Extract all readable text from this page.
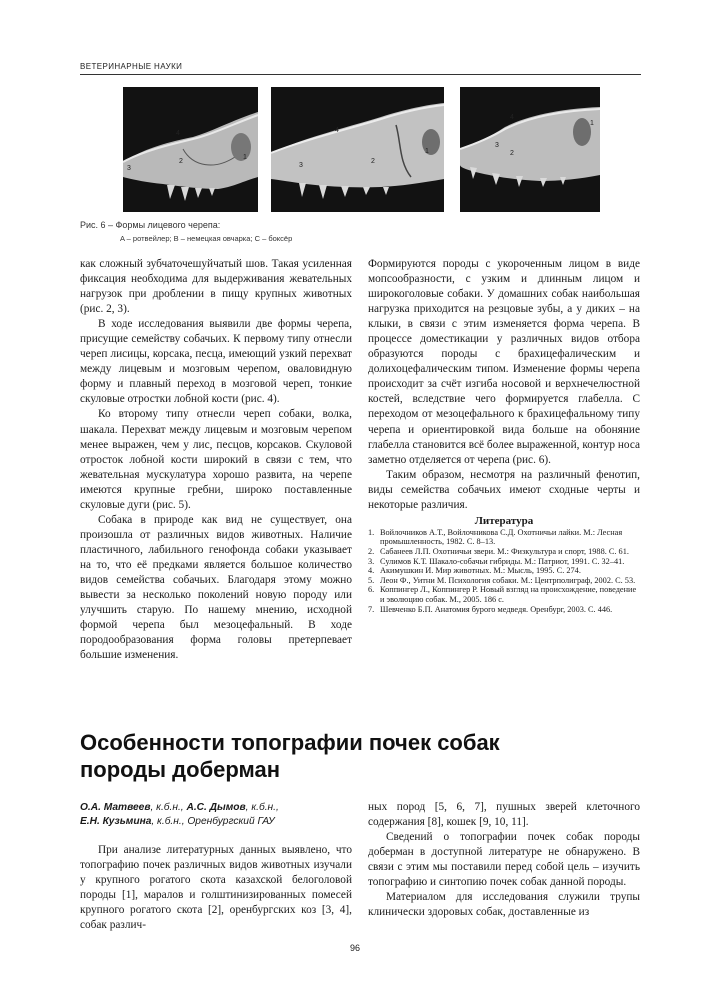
ВЕТЕРИНАРНЫЕ НАУКИ
3
2
4
1
3
2
4
1
3
2
4
1
Рис. 6 – Формы лицевого черепа:
A – ротвейлер; B – немецкая овчарка; C – боксёр

как сложный зубчаточешуйчатый шов. Такая усиленная фиксация необходима для выдерживания жевательных нагрузок при дроблении в пищу крупных животных (рис. 2, 3).

В ходе исследования выявили две формы черепа, присущие семейству собачьих. К первому типу отнесли череп лисицы, корсака, песца, имеющий узкий перехват между лицевым и мозговым черепом, оваловидную форму и плавный переход в мозговой череп, тонкие скуловые отростки лобной кости (рис. 4).

Ко второму типу отнесли череп собаки, волка, шакала. Перехват между лицевым и мозговым черепом менее выражен, чем у лис, песцов, корсаков. Скуловой отросток лобной кости широкий в связи с тем, что жевательная мускулатура хорошо развита, на черепе имеются крупные гребни, широко поставленные скуловые дуги (рис. 5).

Собака в природе как вид не существует, она произошла от различных видов животных. Наличие пластичного, лабильного генофонда собаки указывает на то, что её предками является большое количество видов семейства собачьих. Благодаря этому можно вывести за несколько поколений новую породу или улучшить старую. По нашему мнению, исходной формой черепа был мезоцефальный. В ходе породообразования форма головы претерпевает большие изменения.

Формируются породы с укороченным лицом в виде мопсообразности, с узким и длинным лицом и широкоголовые собаки. У домашних собак наибольшая нагрузка приходится на резцовые зубы, а у диких – на клыки, в связи с этим изменяется форма черепа. В процессе доместикации у различных видов отбора образуются породы с брахицефалическим и долихоцефалическим типом. Изменение формы черепа происходит за счёт изгиба носовой и верхнечелюстной костей, вследствие чего формируется глабелла. С переходом от мезоцефального к брахицефальному типу черепа и ориентировкой вида больше на обоняние глабелла становится всё более выраженной, контур носа заметно отделяется от черепа (рис. 6).

Таким образом, несмотря на различный фенотип, виды семейства собачьих имеют сходные черты и некоторые различия.

Литература
1. Войлочников А.Т., Войлочникова С.Д. Охотничьи лайки. М.: Лесная промышленность, 1982. С. 8–13.
2. Сабанеев Л.П. Охотничьи звери. М.: Физкультура и спорт, 1988. С. 61.
3. Сулимов К.Т. Шакало-собачьи гибриды. М.: Патриот, 1991. С. 32–41.
4. Акимушкин И. Мир животных. М.: Мысль, 1995. С. 274.
5. Леон Ф., Уитни М. Психология собаки. М.: Центрполиграф, 2002. С. 53.
6. Коппингер Л., Коппингер Р. Новый взгляд на происхождение, поведение и эволюцию собак. М., 2005. 186 с.
7. Шевченко Б.П. Анатомия бурого медведя. Оренбург, 2003. С. 446.
Особенности топографии почек собак
породы доберман
О.А. Матвеев, к.б.н., А.С. Дымов, к.б.н.,
Е.Н. Кузьмина, к.б.н., Оренбургский ГАУ

При анализе литературных данных выявлено, что топографию почек различных видов животных изучали у крупного рогатого скота казахской белоголовой породы [1], маралов и голштинизированных помесей крупного рогатого скота [2], оренбургских коз [3, 4], собак различ-

ных пород [5, 6, 7], пушных зверей клеточного содержания [8], кошек [9, 10, 11].

Сведений о топографии почек собак породы доберман в доступной литературе не обнаружено. В связи с этим мы поставили перед собой цель – изучить топографию и синтопию почек собак данной породы.

Материалом для исследования служили трупы клинически здоровых собак, доставленные из

96
